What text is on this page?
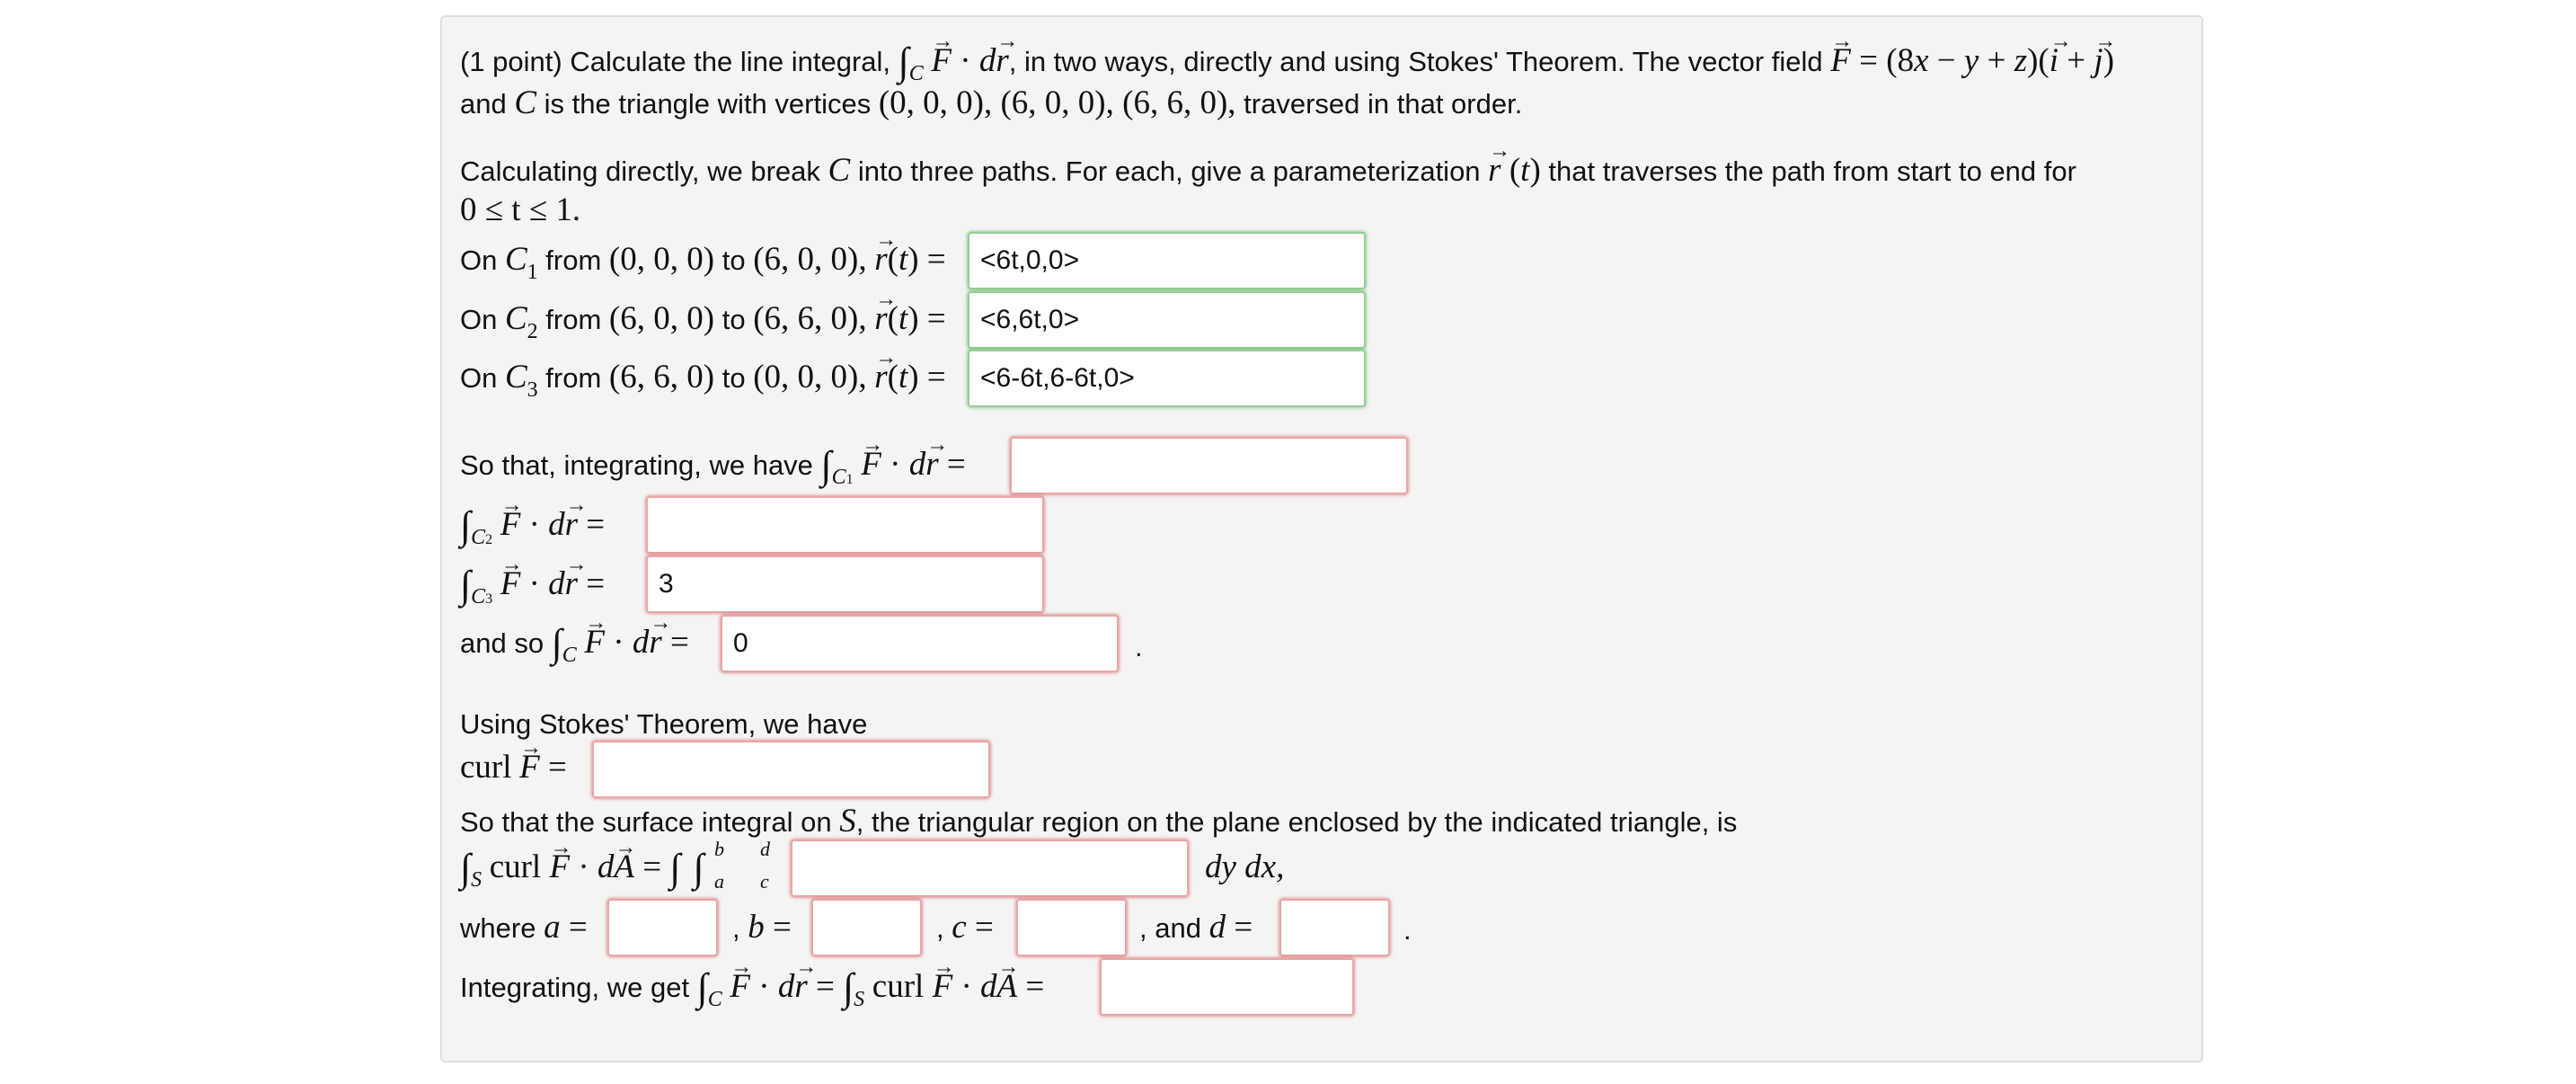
(1 point) Calculate the line integral, $\int_C \to F \cdot d\to r$, in two ways, directly and using Stokes' Theorem. The vector field → F = (8x − y + z)(→ i + → j)
and C is the triangle with vertices (0, 0, 0), (6, 0, 0), (6, 6, 0), traversed in that order.
Calculating directly, we break C into three paths. For each, give a parameterization → r (t) that traverses the path from start to end for
0 ≤ t ≤ 1.
On $C_1$ from (0, 0, 0) to (6, 0, 0), → r(t) =	<6t,0,0>
On $C_2$ from (6, 0, 0) to (6, 6, 0), → r(t) =	<6,6t,0>
On $C_3$ from (6, 6, 0) to (0, 0, 0), → r(t) =	<6-6t,6-6t,0>
So that, integrating, we have $\int_{C1} \to F \cdot d\to r$ =
$\int_{C2} \to F \cdot d\to r$ =
$\int_{C3} \to F \cdot d\to r$ =	3
and so $\int_C \to F \cdot d\to r$ =	0	.
Using Stokes' Theorem, we have
curl → F =
So that the surface integral on S, the triangular region on the plane enclosed by the indicated triangle, is
$\int_S$ curl → F · d→ A = ∫ ∫ b
a
d
c	dy dx,
where a =	, b =	, c =	, and d =	.
Integrating, we get $\int_C \to F \cdot d\to r = \int_S$ curl → F · d→ A =
